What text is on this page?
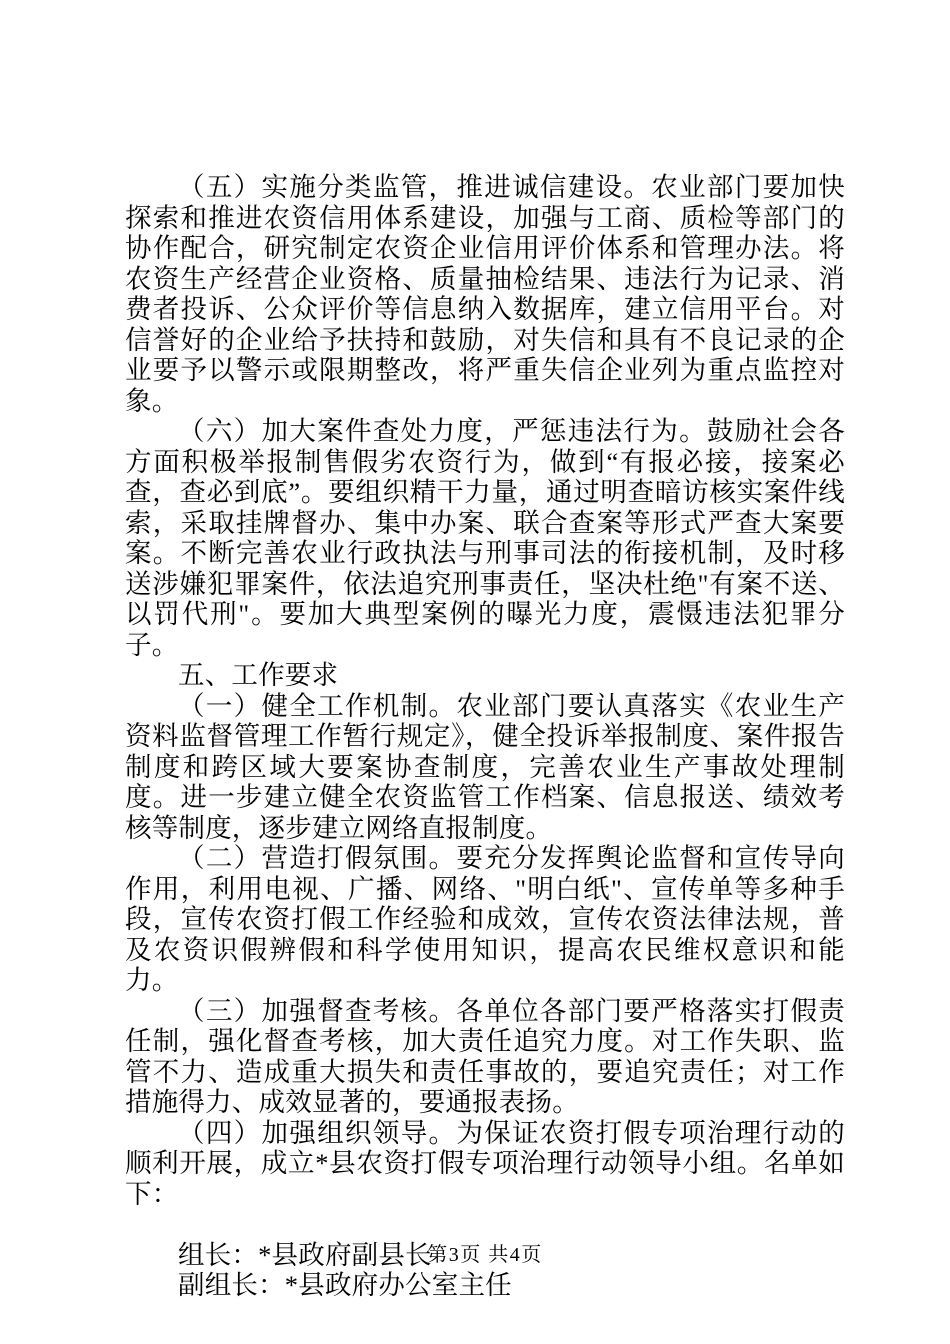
（五）实施分类监管，推进诚信建设。农业部门要加快探索和推进农资信用体系建设，加强与工商、质检等部门的协作配合，研究制定农资企业信用评价体系和管理办法。将农资生产经营企业资格、质量抽检结果、违法行为记录、消费者投诉、公众评价等信息纳入数据库，建立信用平台。对信誉好的企业给予扶持和鼓励，对失信和具有不良记录的企业要予以警示或限期整改，将严重失信企业列为重点监控对象。

（六）加大案件查处力度，严惩违法行为。鼓励社会各方面积极举报制售假劣农资行为，做到“有报必接，接案必查，查必到底”。要组织精干力量，通过明查暗访核实案件线索，采取挂牌督办、集中办案、联合查案等形式严查大案要案。不断完善农业行政执法与刑事司法的衔接机制，及时移送涉嫌犯罪案件，依法追究刑事责任，坚决杜绝"有案不送、以罚代刑"。要加大典型案例的曝光力度，震慑违法犯罪分子。

五、工作要求

（一）健全工作机制。农业部门要认真落实《农业生产资料监督管理工作暂行规定》，健全投诉举报制度、案件报告制度和跨区域大要案协查制度，完善农业生产事故处理制度。进一步建立健全农资监管工作档案、信息报送、绩效考核等制度，逐步建立网络直报制度。

（二）营造打假氛围。要充分发挥舆论监督和宣传导向作用，利用电视、广播、网络、"明白纸"、宣传单等多种手段，宣传农资打假工作经验和成效，宣传农资法律法规，普及农资识假辨假和科学使用知识，提高农民维权意识和能力。

（三）加强督查考核。各单位各部门要严格落实打假责任制，强化督查考核，加大责任追究力度。对工作失职、监管不力、造成重大损失和责任事故的，要追究责任；对工作措施得力、成效显著的，要通报表扬。

（四）加强组织领导。为保证农资打假专项治理行动的顺利开展，成立*县农资打假专项治理行动领导小组。名单如下：

组长：*县政府副县长

副组长：*县政府办公室主任

第3页 共4页
